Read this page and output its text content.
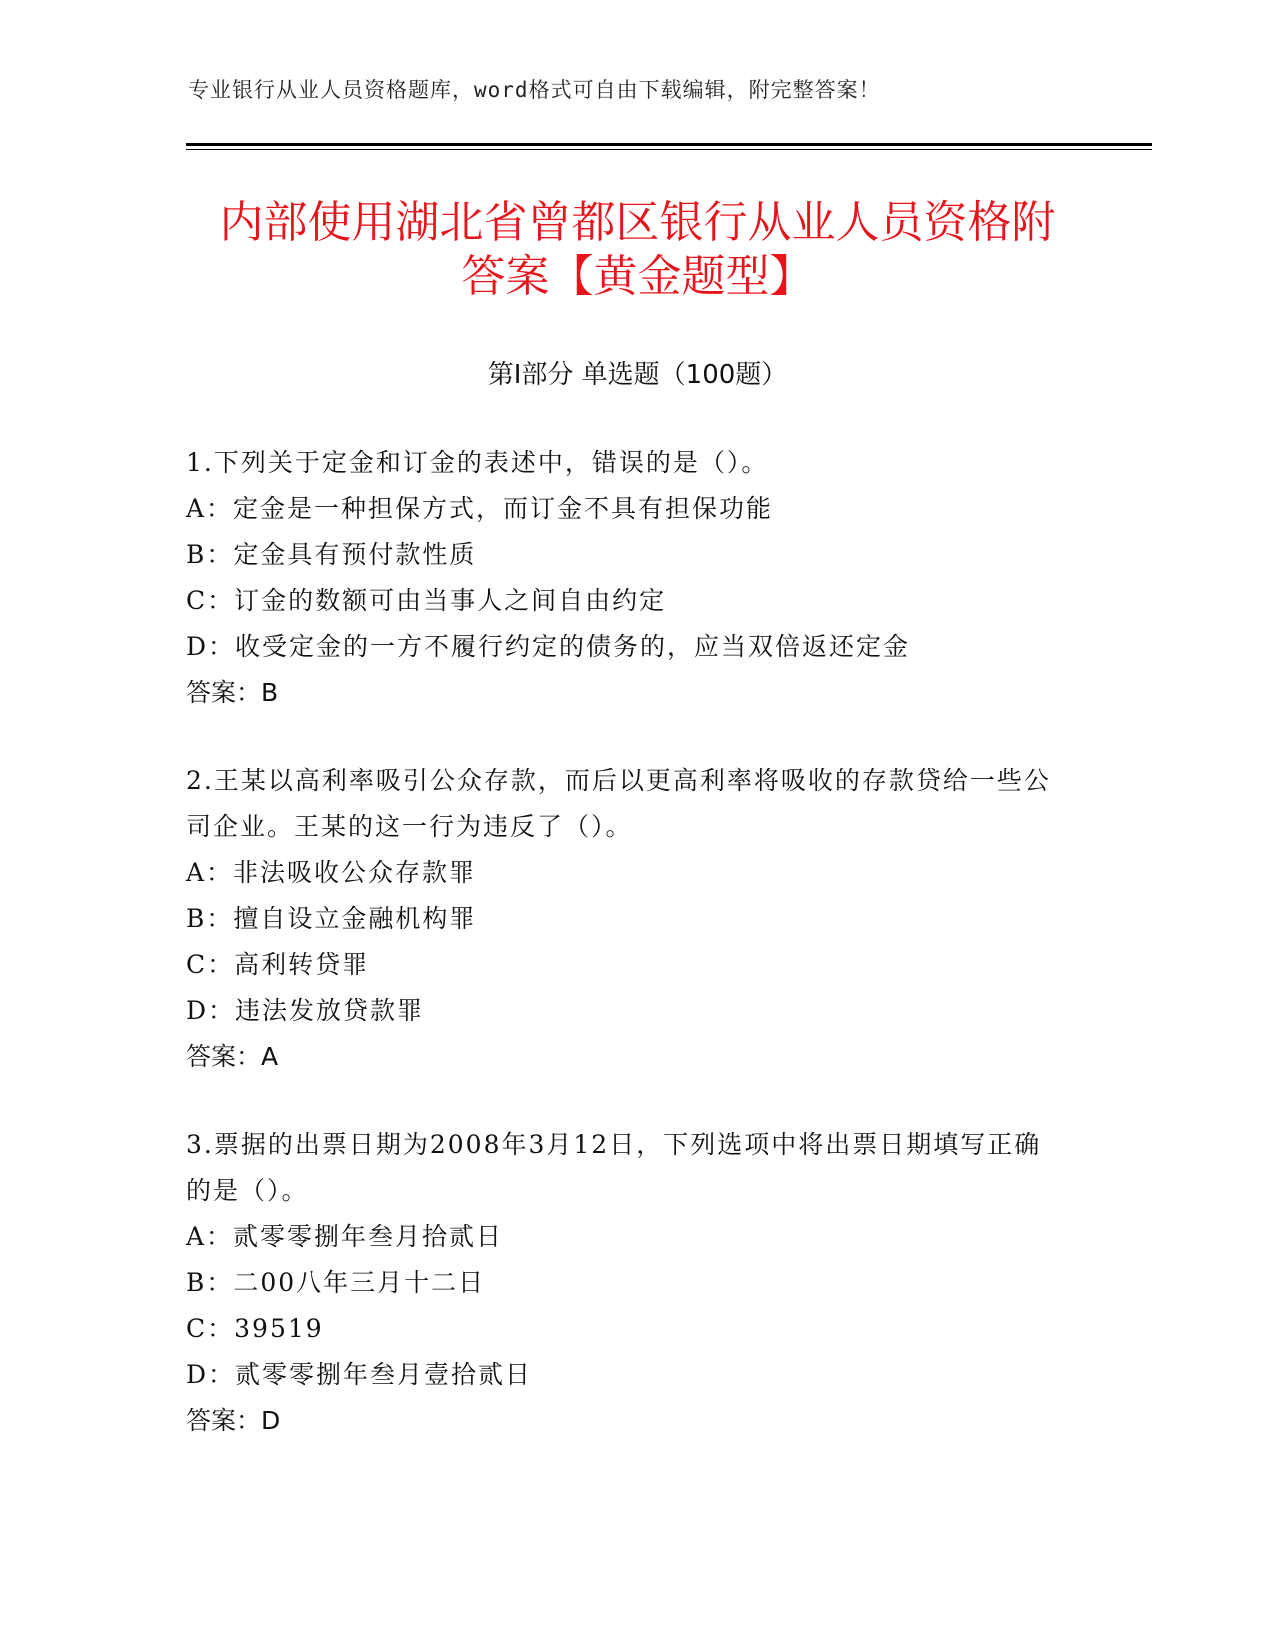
专业银行从业人员资格题库，word格式可自由下载编辑，附完整答案！
内部使用湖北省曾都区银行从业人员资格附
答案【黄金题型】
第Ⅰ部分 单选题（100题）

1.下列关于定金和订金的表述中，错误的是（）。

A：定金是一种担保方式，而订金不具有担保功能

B：定金具有预付款性质

C：订金的数额可由当事人之间自由约定

D：收受定金的一方不履行约定的债务的，应当双倍返还定金

答案：B

2.王某以高利率吸引公众存款，而后以更高利率将吸收的存款贷给一些公司企业。王某的这一行为违反了（）。

A：非法吸收公众存款罪

B：擅自设立金融机构罪

C：高利转贷罪

D：违法发放贷款罪

答案：A

3.票据的出票日期为2008年3月12日，下列选项中将出票日期填写正确的是（）。

A：贰零零捌年叁月拾贰日

B：二00八年三月十二日

C：39519

D：贰零零捌年叁月壹拾贰日

答案：D
